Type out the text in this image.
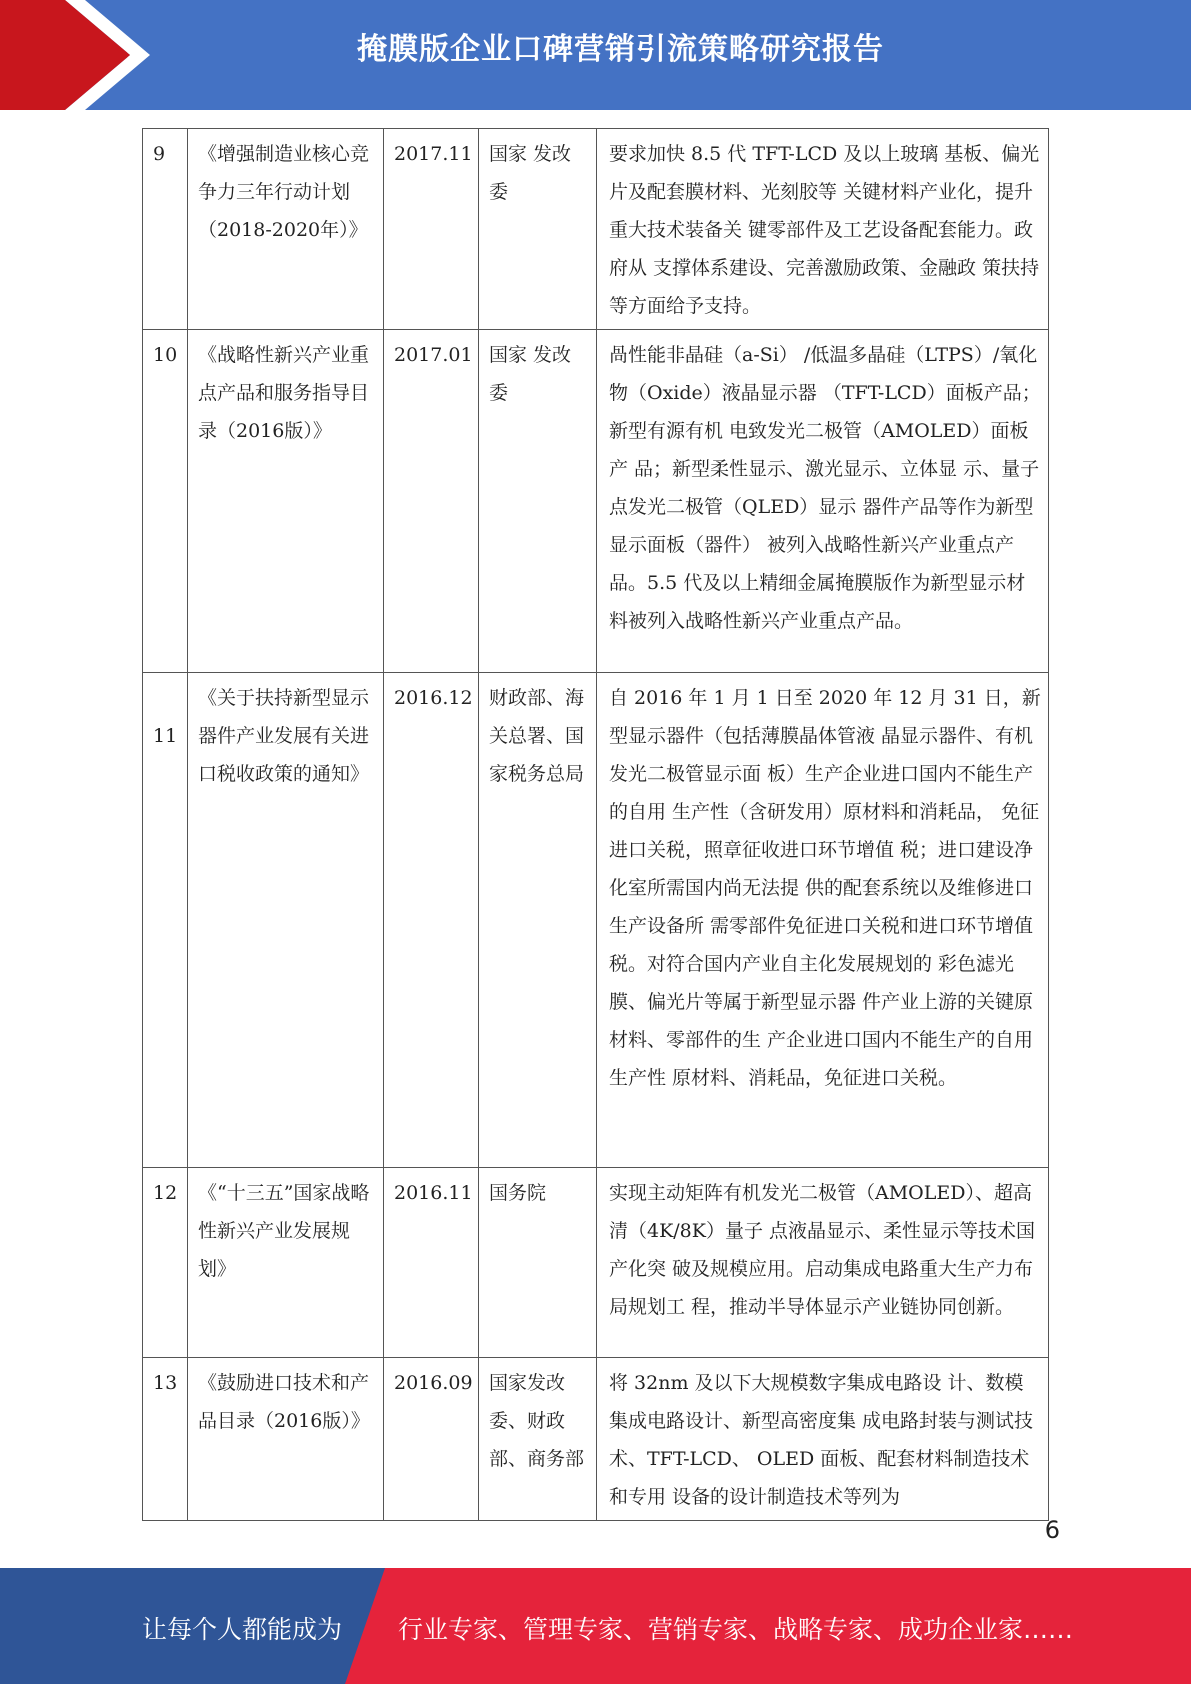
掩膜版企业口碑营销引流策略研究报告
9	《增强制造业核心竞争力三年行动计划（2018-2020年）》	2017.11	国家 发改委	要求加快 8.5 代 TFT-LCD 及以上玻璃 基板、偏光片及配套膜材料、光刻胶等 关键材料产业化，提升重大技术装备关 键零部件及工艺设备配套能力。政府从 支撑体系建设、完善激励政策、金融政 策扶持等方面给予支持。
10	《战略性新兴产业重点产品和服务指导目录（2016版）》	2017.01	国家 发改委	咼性能非晶硅（a-Si） /低温多晶硅（LTPS）/氧化物（Oxide）液晶显示器 （TFT-LCD）面板产品；新型有源有机 电致发光二极管（AMOLED）面板产 品；新型柔性显示、激光显示、立体显 示、量子点发光二极管（QLED）显示 器件产品等作为新型显示面板（器件） 被列入战略性新兴产业重点产品。5.5 代及以上精细金属掩膜版作为新型显示材料被列入战略性新兴产业重点产品。
11	《关于扶持新型显示器件产业发展有关进口税收政策的通知》	2016.12	财政部、海关总署、国家税务总局	自 2016 年 1 月 1 日至 2020 年 12 月 31 日，新型显示器件（包括薄膜晶体管液 晶显示器件、有机发光二极管显示面 板）生产企业进口国内不能生产的自用 生产性（含研发用）原材料和消耗品， 免征进口关税，照章征收进口环节增值 税；进口建设净化室所需国内尚无法提 供的配套系统以及维修进口生产设备所 需零部件免征进口关税和进口环节增值税。对符合国内产业自主化发展规划的 彩色滤光膜、偏光片等属于新型显示器 件产业上游的关键原材料、零部件的生 产企业进口国内不能生产的自用生产性 原材料、消耗品，免征进口关税。
12	《“十三五”国家战略性新兴产业发展规划》	2016.11	国务院	实现主动矩阵有机发光二极管（AMOLED）、超高清（4K/8K）量子 点液晶显示、柔性显示等技术国产化突 破及规模应用。启动集成电路重大生产力布局规划工 程，推动半导体显示产业链协同创新。
13	《鼓励进口技术和产品目录（2016版）》	2016.09	国家发改委、财政部、商务部	将 32nm 及以下大规模数字集成电路设 计、数模集成电路设计、新型高密度集 成电路封装与测试技术、TFT-LCD、 OLED 面板、配套材料制造技术和专用 设备的设计制造技术等列为
6
让每个人都能成为 行业专家、管理专家、营销专家、战略专家、成功企业家……
